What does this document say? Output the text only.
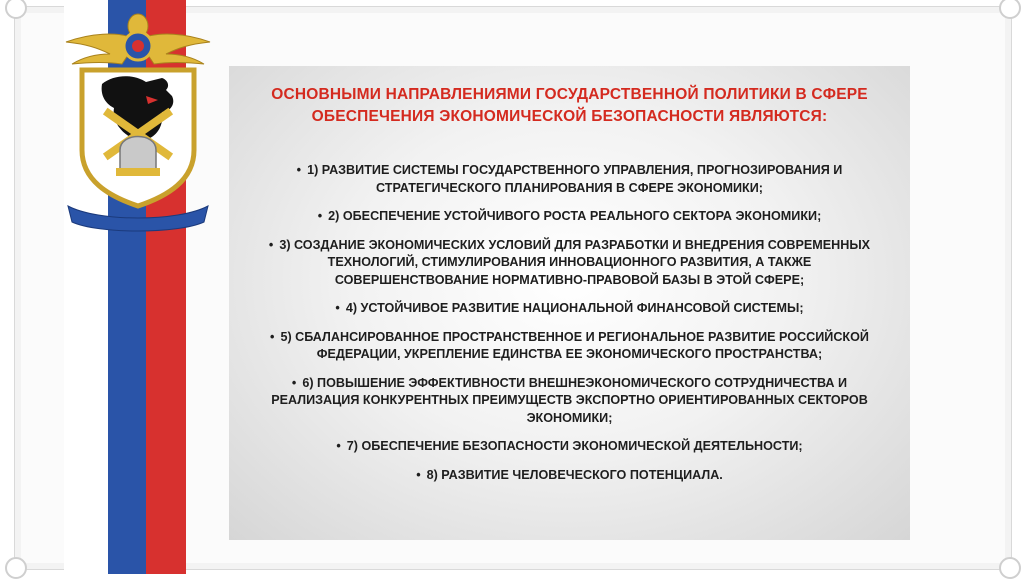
ОСНОВНЫМИ НАПРАВЛЕНИЯМИ ГОСУДАРСТВЕННОЙ ПОЛИТИКИ В СФЕРЕ
ОБЕСПЕЧЕНИЯ ЭКОНОМИЧЕСКОЙ БЕЗОПАСНОСТИ ЯВЛЯЮТСЯ:
• 1) РАЗВИТИЕ СИСТЕМЫ ГОСУДАРСТВЕННОГО УПРАВЛЕНИЯ, ПРОГНОЗИРОВАНИЯ И
СТРАТЕГИЧЕСКОГО ПЛАНИРОВАНИЯ В СФЕРЕ ЭКОНОМИКИ;
• 2) ОБЕСПЕЧЕНИЕ УСТОЙЧИВОГО РОСТА РЕАЛЬНОГО СЕКТОРА ЭКОНОМИКИ;
• 3) СОЗДАНИЕ ЭКОНОМИЧЕСКИХ УСЛОВИЙ ДЛЯ РАЗРАБОТКИ И ВНЕДРЕНИЯ СОВРЕМЕННЫХ
ТЕХНОЛОГИЙ, СТИМУЛИРОВАНИЯ ИННОВАЦИОННОГО РАЗВИТИЯ, А ТАКЖЕ
СОВЕРШЕНСТВОВАНИЕ НОРМАТИВНО-ПРАВОВОЙ БАЗЫ В ЭТОЙ СФЕРЕ;
• 4) УСТОЙЧИВОЕ РАЗВИТИЕ НАЦИОНАЛЬНОЙ ФИНАНСОВОЙ СИСТЕМЫ;
• 5) СБАЛАНСИРОВАННОЕ ПРОСТРАНСТВЕННОЕ И РЕГИОНАЛЬНОЕ РАЗВИТИЕ РОССИЙСКОЙ
ФЕДЕРАЦИИ, УКРЕПЛЕНИЕ ЕДИНСТВА ЕЕ ЭКОНОМИЧЕСКОГО ПРОСТРАНСТВА;
• 6) ПОВЫШЕНИЕ ЭФФЕКТИВНОСТИ ВНЕШНЕЭКОНОМИЧЕСКОГО СОТРУДНИЧЕСТВА И
РЕАЛИЗАЦИЯ КОНКУРЕНТНЫХ ПРЕИМУЩЕСТВ ЭКСПОРТНО ОРИЕНТИРОВАННЫХ СЕКТОРОВ
ЭКОНОМИКИ;
• 7) ОБЕСПЕЧЕНИЕ БЕЗОПАСНОСТИ ЭКОНОМИЧЕСКОЙ ДЕЯТЕЛЬНОСТИ;
• 8) РАЗВИТИЕ ЧЕЛОВЕЧЕСКОГО ПОТЕНЦИАЛА.
